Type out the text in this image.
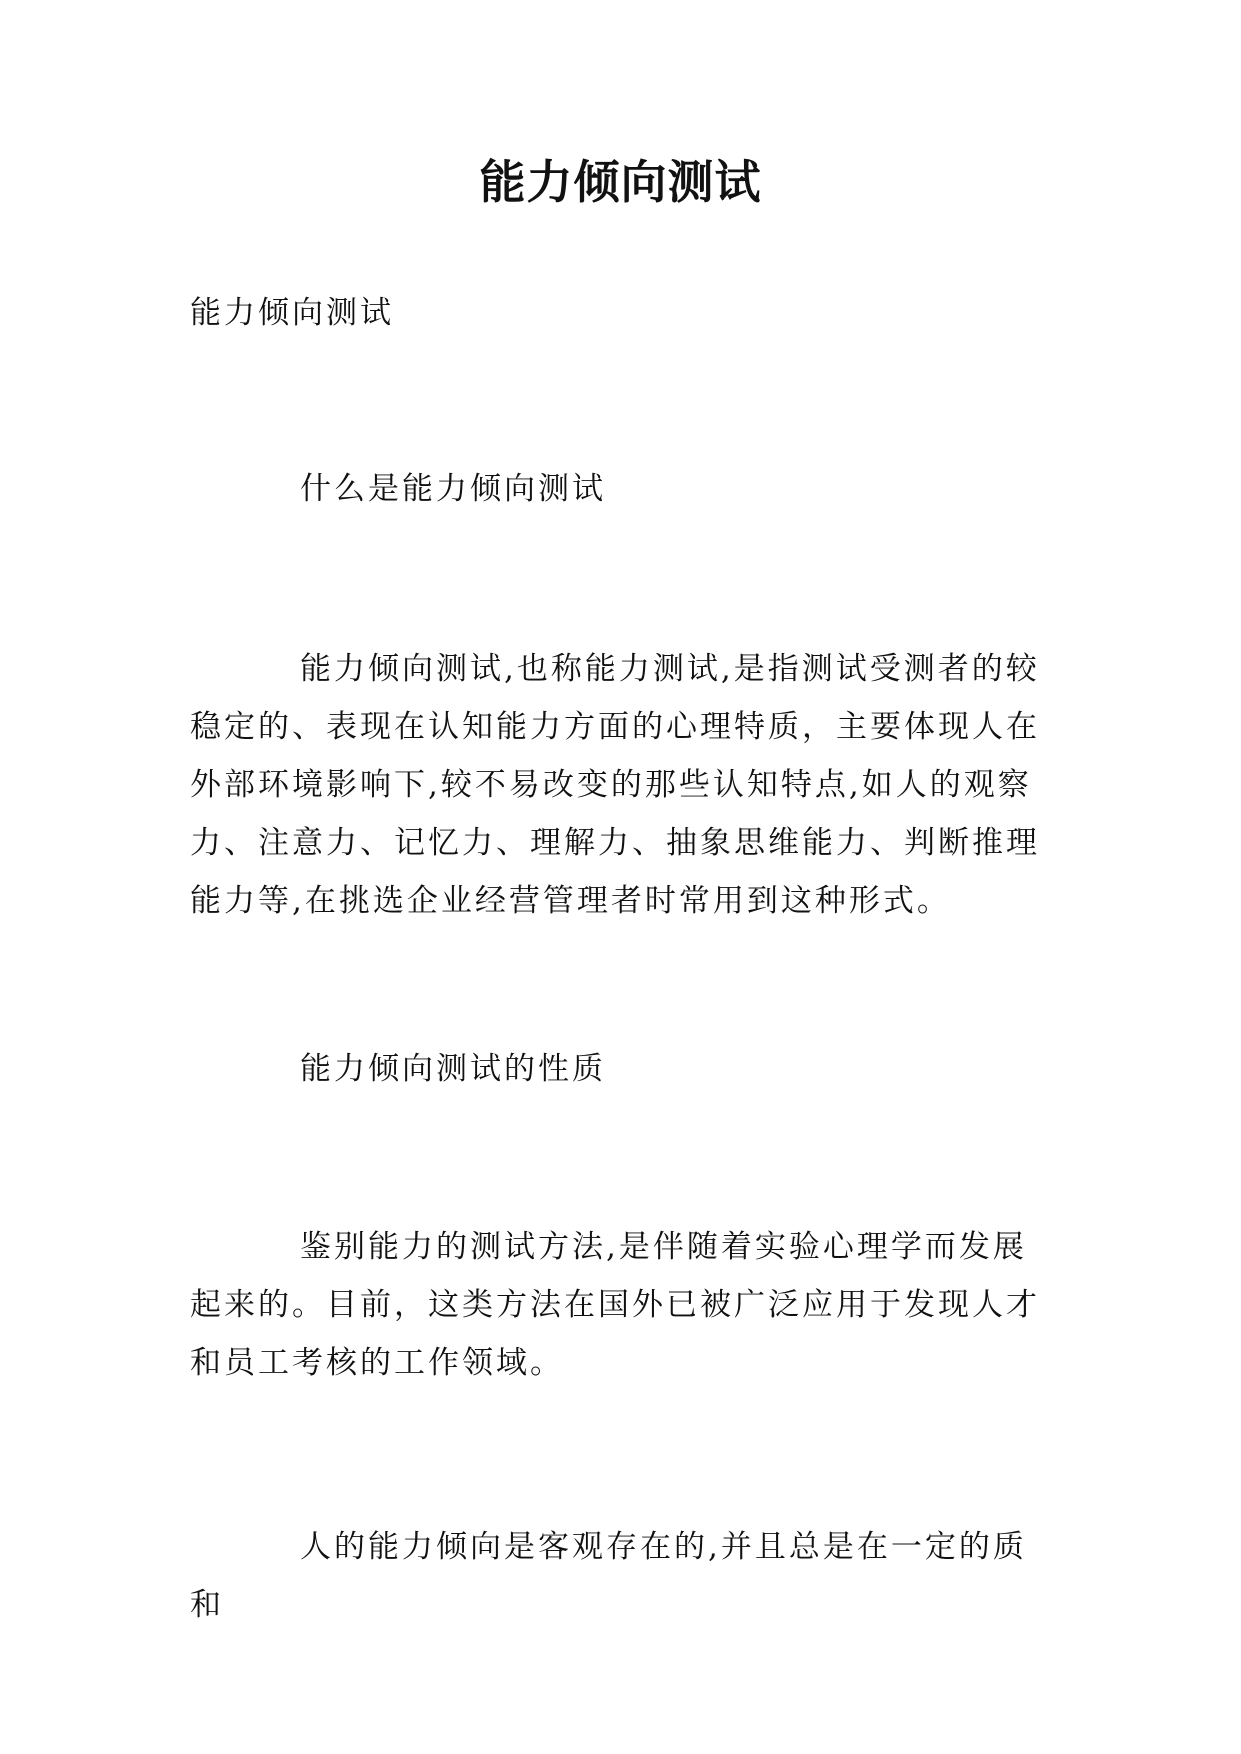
能力倾向测试

能力倾向测试

什么是能力倾向测试

能力倾向测试,也称能力测试,是指测试受测者的较稳定的、表现在认知能力方面的心理特质，主要体现人在外部环境影响下,较不易改变的那些认知特点,如人的观察力、注意力、记忆力、理解力、抽象思维能力、判断推理能力等,在挑选企业经营管理者时常用到这种形式。

能力倾向测试的性质

鉴别能力的测试方法,是伴随着实验心理学而发展起来的。目前，这类方法在国外已被广泛应用于发现人才和员工考核的工作领域。

人的能力倾向是客观存在的,并且总是在一定的质和
